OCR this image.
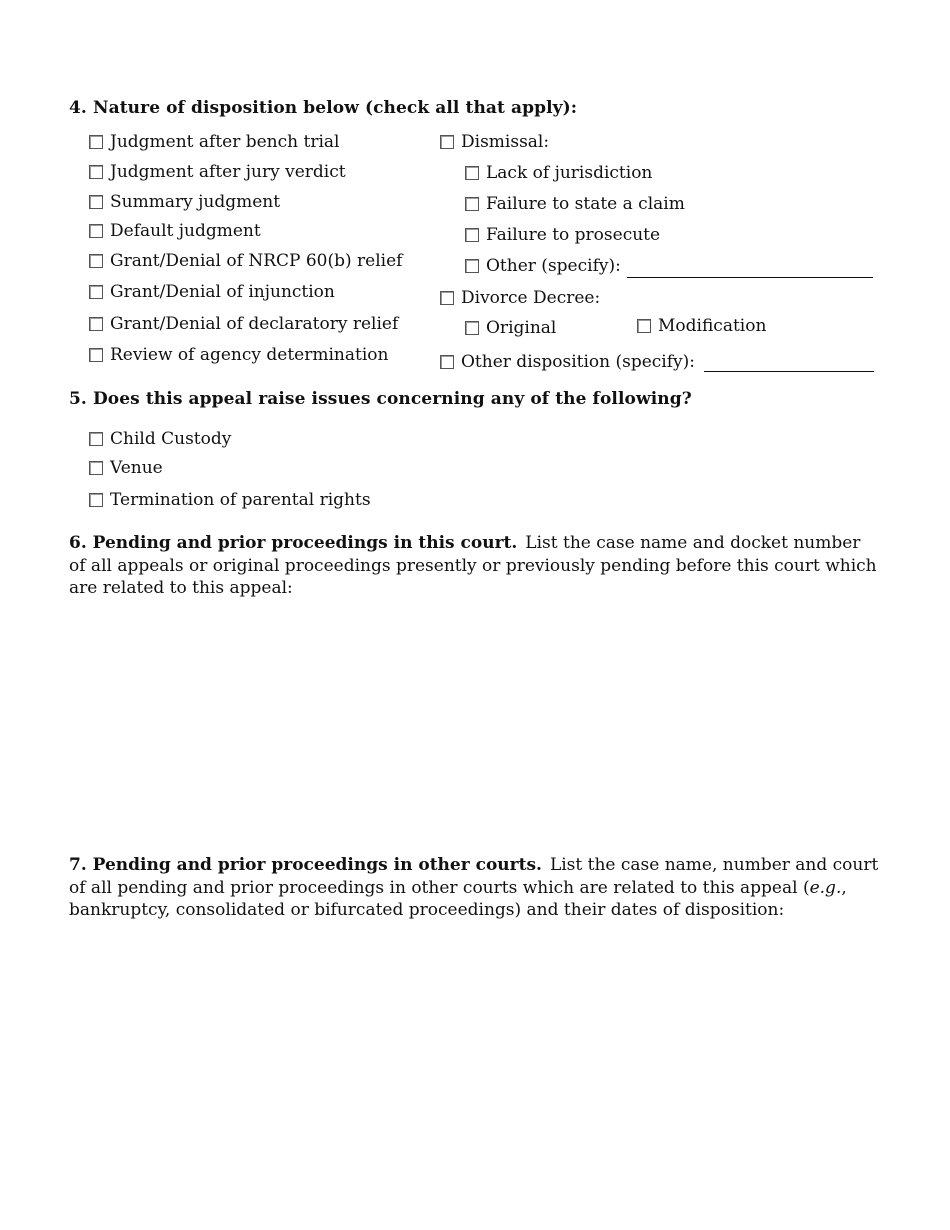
4. Nature of disposition below (check all that apply):
Judgment after bench trial
Judgment after jury verdict
Summary judgment
Default judgment
Grant/Denial of NRCP 60(b) relief
Grant/Denial of injunction
Grant/Denial of declaratory relief
Review of agency determination
Dismissal:
Lack of jurisdiction
Failure to state a claim
Failure to prosecute
Other (specify):
Divorce Decree:
Original	Modification
Other disposition (specify):
5. Does this appeal raise issues concerning any of the following?
Child Custody
Venue
Termination of parental rights
6. Pending and prior proceedings in this court. List the case name and docket number of all appeals or original proceedings presently or previously pending before this court which are related to this appeal:
7. Pending and prior proceedings in other courts. List the case name, number and court of all pending and prior proceedings in other courts which are related to this appeal (e.g., bankruptcy, consolidated or bifurcated proceedings) and their dates of disposition:
